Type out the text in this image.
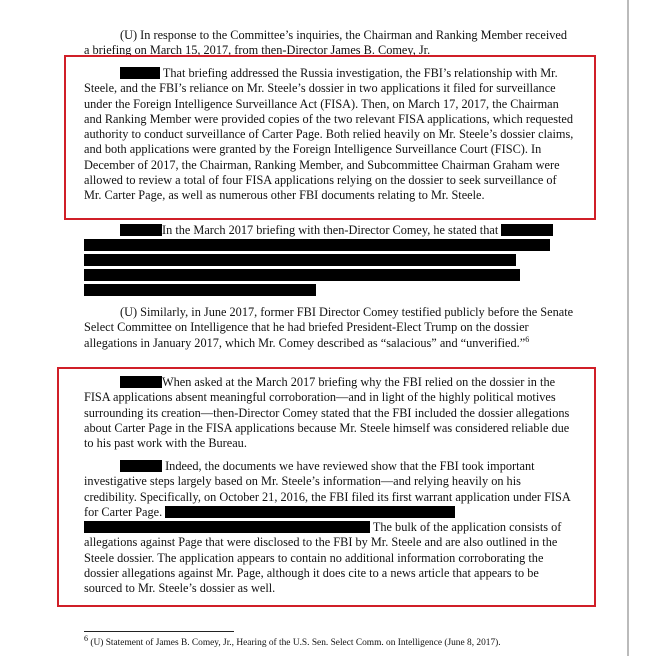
(U) In response to the Committee’s inquiries, the Chairman and Ranking Member received a briefing on March 15, 2017, from then-Director James B. Comey, Jr.

That briefing addressed the Russia investigation, the FBI’s relationship with Mr. Steele, and the FBI’s reliance on Mr. Steele’s dossier in two applications it filed for surveillance under the Foreign Intelligence Surveillance Act (FISA). Then, on March 17, 2017, the Chairman and Ranking Member were provided copies of the two relevant FISA applications, which requested authority to conduct surveillance of Carter Page. Both relied heavily on Mr. Steele’s dossier claims, and both applications were granted by the Foreign Intelligence Surveillance Court (FISC). In December of 2017, the Chairman, Ranking Member, and Subcommittee Chairman Graham were allowed to review a total of four FISA applications relying on the dossier to seek surveillance of Mr. Carter Page, as well as numerous other FBI documents relating to Mr. Steele.

In the March 2017 briefing with then-Director Comey, he stated that

(U) Similarly, in June 2017, former FBI Director Comey testified publicly before the Senate Select Committee on Intelligence that he had briefed President-Elect Trump on the dossier allegations in January 2017, which Mr. Comey described as “salacious” and “unverified.”$^6$

When asked at the March 2017 briefing why the FBI relied on the dossier in the FISA applications absent meaningful corroboration—and in light of the highly political motives surrounding its creation—then-Director Comey stated that the FBI included the dossier allegations about Carter Page in the FISA applications because Mr. Steele himself was considered reliable due to his past work with the Bureau.

Indeed, the documents we have reviewed show that the FBI took important investigative steps largely based on Mr. Steele’s information—and relying heavily on his credibility. Specifically, on October 21, 2016, the FBI filed its first warrant application under FISA for Carter Page.   The bulk of the application consists of allegations against Page that were disclosed to the FBI by Mr. Steele and are also outlined in the Steele dossier. The application appears to contain no additional information corroborating the dossier allegations against Mr. Page, although it does cite to a news article that appears to be sourced to Mr. Steele’s dossier as well.

$^6$ (U) Statement of James B. Comey, Jr., Hearing of the U.S. Sen. Select Comm. on Intelligence (June 8, 2017).
